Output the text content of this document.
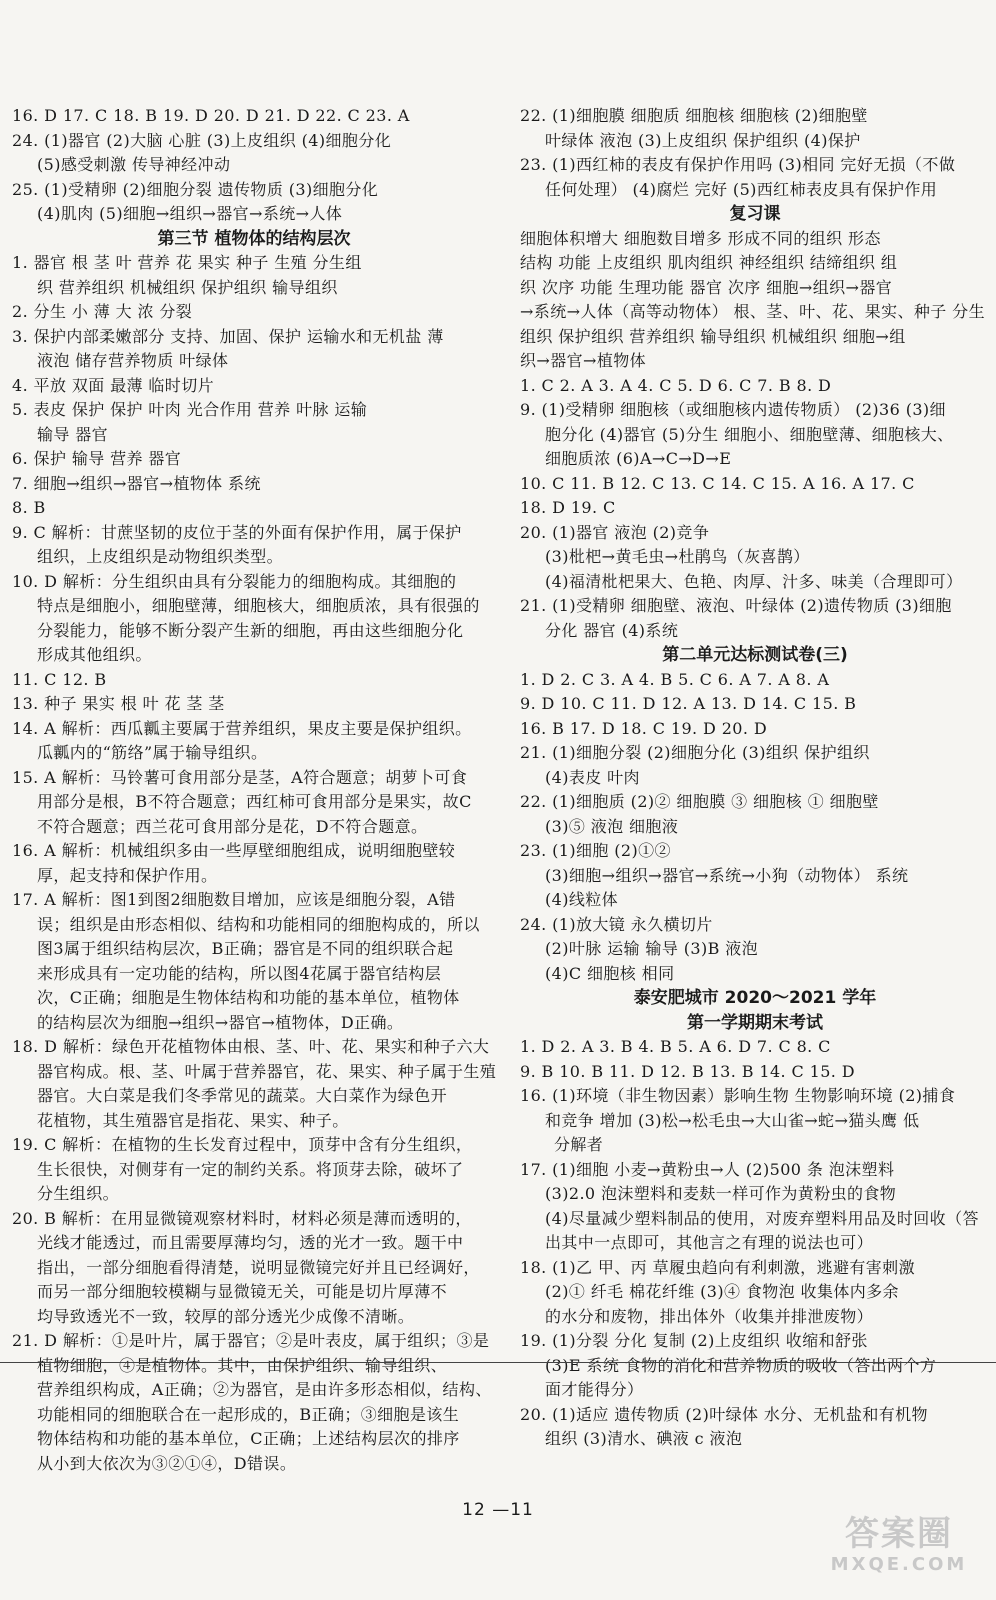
16. D 17. C 18. B 19. D 20. D 21. D 22. C 23. A
24. (1)器官 (2)大脑 心脏 (3)上皮组织 (4)细胞分化
(5)感受刺激 传导神经冲动
25. (1)受精卵 (2)细胞分裂 遗传物质 (3)细胞分化
(4)肌肉 (5)细胞→组织→器官→系统→人体
第三节 植物体的结构层次
1. 器官 根 茎 叶 营养 花 果实 种子 生殖 分生组
织 营养组织 机械组织 保护组织 输导组织
2. 分生 小 薄 大 浓 分裂
3. 保护内部柔嫩部分 支持、加固、保护 运输水和无机盐 薄
液泡 储存营养物质 叶绿体
4. 平放 双面 最薄 临时切片
5. 表皮 保护 保护 叶肉 光合作用 营养 叶脉 运输
输导 器官
6. 保护 输导 营养 器官
7. 细胞→组织→器官→植物体 系统
8. B
9. C 解析：甘蔗坚韧的皮位于茎的外面有保护作用，属于保护
组织，上皮组织是动物组织类型。
10. D 解析：分生组织由具有分裂能力的细胞构成。其细胞的
特点是细胞小，细胞壁薄，细胞核大，细胞质浓，具有很强的
分裂能力，能够不断分裂产生新的细胞，再由这些细胞分化
形成其他组织。
11. C 12. B
13. 种子 果实 根 叶 花 茎 茎
14. A 解析：西瓜瓤主要属于营养组织，果皮主要是保护组织。
瓜瓤内的“筋络”属于输导组织。
15. A 解析：马铃薯可食用部分是茎，A符合题意；胡萝卜可食
用部分是根，B不符合题意；西红柿可食用部分是果实，故C
不符合题意；西兰花可食用部分是花，D不符合题意。
16. A 解析：机械组织多由一些厚壁细胞组成，说明细胞壁较
厚，起支持和保护作用。
17. A 解析：图1到图2细胞数目增加，应该是细胞分裂，A错
误；组织是由形态相似、结构和功能相同的细胞构成的，所以
图3属于组织结构层次，B正确；器官是不同的组织联合起
来形成具有一定功能的结构，所以图4花属于器官结构层
次，C正确；细胞是生物体结构和功能的基本单位，植物体
的结构层次为细胞→组织→器官→植物体，D正确。
18. D 解析：绿色开花植物体由根、茎、叶、花、果实和种子六大
器官构成。根、茎、叶属于营养器官，花、果实、种子属于生殖
器官。大白菜是我们冬季常见的蔬菜。大白菜作为绿色开
花植物，其生殖器官是指花、果实、种子。
19. C 解析：在植物的生长发育过程中，顶芽中含有分生组织，
生长很快，对侧芽有一定的制约关系。将顶芽去除，破坏了
分生组织。
20. B 解析：在用显微镜观察材料时，材料必须是薄而透明的，
光线才能透过，而且需要厚薄均匀，透的光才一致。题干中
指出，一部分细胞看得清楚，说明显微镜完好并且已经调好，
而另一部分细胞较模糊与显微镜无关，可能是切片厚薄不
均导致透光不一致，较厚的部分透光少成像不清晰。
21. D 解析：①是叶片，属于器官；②是叶表皮，属于组织；③是
植物细胞，④是植物体。其中，由保护组织、输导组织、
营养组织构成，A正确；②为器官，是由许多形态相似，结构、
功能相同的细胞联合在一起形成的，B正确；③细胞是该生
物体结构和功能的基本单位，C正确；上述结构层次的排序
从小到大依次为③②①④，D错误。
22. (1)细胞膜 细胞质 细胞核 细胞核 (2)细胞壁
叶绿体 液泡 (3)上皮组织 保护组织 (4)保护
23. (1)西红柿的表皮有保护作用吗 (3)相同 完好无损（不做
任何处理） (4)腐烂 完好 (5)西红柿表皮具有保护作用
复习课
细胞体积增大 细胞数目增多 形成不同的组织 形态
结构 功能 上皮组织 肌肉组织 神经组织 结缔组织 组
织 次序 功能 生理功能 器官 次序 细胞→组织→器官
→系统→人体（高等动物体） 根、茎、叶、花、果实、种子 分生
组织 保护组织 营养组织 输导组织 机械组织 细胞→组
织→器官→植物体
1. C 2. A 3. A 4. C 5. D 6. C 7. B 8. D
9. (1)受精卵 细胞核（或细胞核内遗传物质） (2)36 (3)细
胞分化 (4)器官 (5)分生 细胞小、细胞壁薄、细胞核大、
细胞质浓 (6)A→C→D→E
10. C 11. B 12. C 13. C 14. C 15. A 16. A 17. C
18. D 19. C
20. (1)器官 液泡 (2)竞争
(3)枇杷→黄毛虫→杜鹃鸟（灰喜鹊）
(4)福清枇杷果大、色艳、肉厚、汁多、味美（合理即可）
21. (1)受精卵 细胞壁、液泡、叶绿体 (2)遗传物质 (3)细胞
分化 器官 (4)系统
第二单元达标测试卷(三)
1. D 2. C 3. A 4. B 5. C 6. A 7. A 8. A
9. D 10. C 11. D 12. A 13. D 14. C 15. B
16. B 17. D 18. C 19. D 20. D
21. (1)细胞分裂 (2)细胞分化 (3)组织 保护组织
(4)表皮 叶肉
22. (1)细胞质 (2)② 细胞膜 ③ 细胞核 ① 细胞壁
(3)⑤ 液泡 细胞液
23. (1)细胞 (2)①②
(3)细胞→组织→器官→系统→小狗（动物体） 系统
(4)线粒体
24. (1)放大镜 永久横切片
(2)叶脉 运输 输导 (3)B 液泡
(4)C 细胞核 相同
泰安肥城市 2020～2021 学年
第一学期期末考试
1. D 2. A 3. B 4. B 5. A 6. D 7. C 8. C
9. B 10. B 11. D 12. B 13. B 14. C 15. D
16. (1)环境（非生物因素）影响生物 生物影响环境 (2)捕食
和竞争 增加 (3)松→松毛虫→大山雀→蛇→猫头鹰 低
分解者
17. (1)细胞 小麦→黄粉虫→人 (2)500 条 泡沫塑料
(3)2.0 泡沫塑料和麦麸一样可作为黄粉虫的食物
(4)尽量减少塑料制品的使用，对废弃塑料用品及时回收（答
出其中一点即可，其他言之有理的说法也可）
18. (1)乙 甲、丙 草履虫趋向有利刺激，逃避有害刺激
(2)① 纤毛 棉花纤维 (3)④ 食物泡 收集体内多余
的水分和废物，排出体外（收集并排泄废物）
19. (1)分裂 分化 复制 (2)上皮组织 收缩和舒张
(3)E 系统 食物的消化和营养物质的吸收（答出两个方
面才能得分）
20. (1)适应 遗传物质 (2)叶绿体 水分、无机盐和有机物
组织 (3)清水、碘液 c 液泡
12 —11
答案圈
MXQE.COM
